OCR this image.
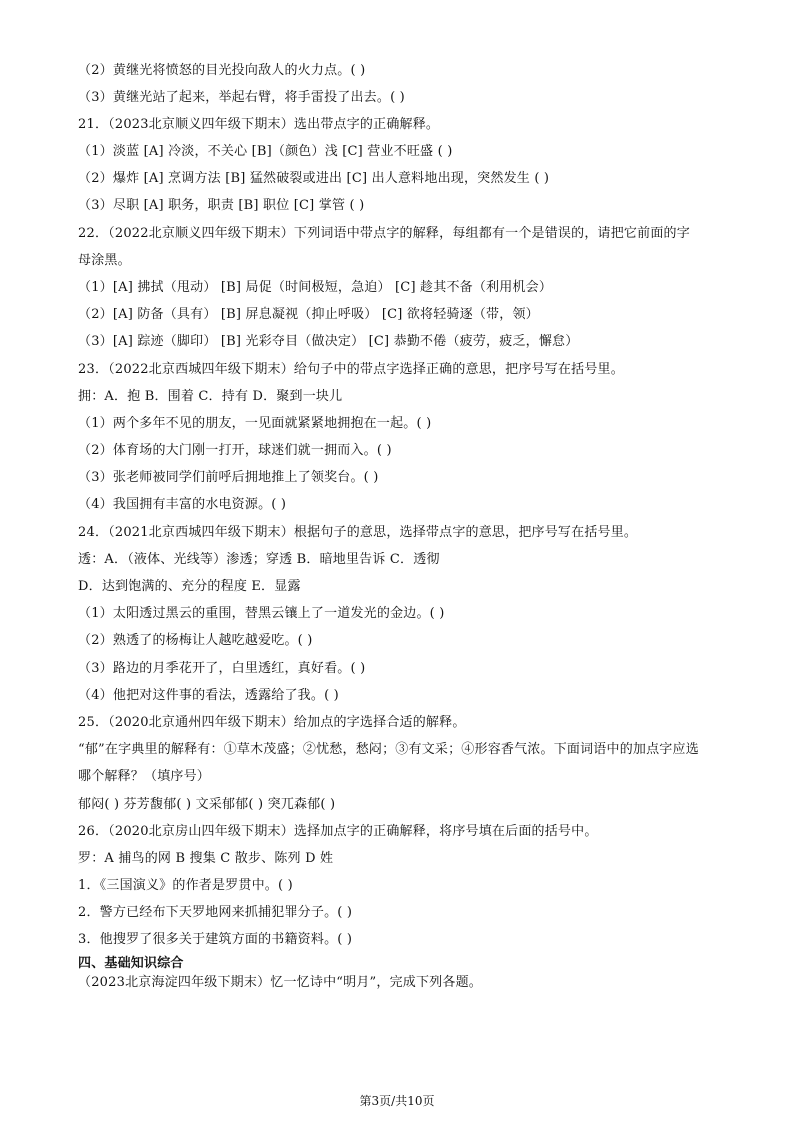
（2）黄继光将愤怒的目光投向敌人的火力点。( )
（3）黄继光站了起来，举起右臂，将手雷投了出去。( )
21．（2023北京顺义四年级下期末）选出带点字的正确解释。
（1）淡蓝 [A] 冷淡，不关心 [B]（颜色）浅 [C] 营业不旺盛 ( )
（2）爆炸 [A] 烹调方法 [B] 猛然破裂或进出 [C] 出人意料地出现，突然发生 ( )
（3）尽职 [A] 职务，职责 [B] 职位 [C] 掌管 ( )
22．（2022北京顺义四年级下期末）下列词语中带点字的解释，每组都有一个是错误的，请把它前面的字
母涂黑。
（1）[A] 拂拭（甩动） [B] 局促（时间极短，急迫） [C] 趁其不备（利用机会）
（2）[A] 防备（具有） [B] 屏息凝视（抑止呼吸） [C] 欲将轻骑逐（带，领）
（3）[A] 踪迹（脚印） [B] 光彩夺目（做决定） [C] 恭勤不倦（疲劳，疲乏，懈怠）
23．（2022北京西城四年级下期末）给句子中的带点字选择正确的意思，把序号写在括号里。
拥：A．抱 B．围着 C．持有 D．聚到一块儿
（1）两个多年不见的朋友，一见面就紧紧地拥抱在一起。( )
（2）体育场的大门刚一打开，球迷们就一拥而入。( )
（3）张老师被同学们前呼后拥地推上了领奖台。( )
（4）我国拥有丰富的水电资源。( )
24．（2021北京西城四年级下期末）根据句子的意思，选择带点字的意思，把序号写在括号里。
透：A．（液体、光线等）渗透；穿透 B．暗地里告诉 C．透彻
D．达到饱满的、充分的程度 E．显露
（1）太阳透过黑云的重围，替黑云镶上了一道发光的金边。( )
（2）熟透了的杨梅让人越吃越爱吃。( )
（3）路边的月季花开了，白里透红，真好看。( )
（4）他把对这件事的看法，透露给了我。( )
25．（2020北京通州四年级下期末）给加点的字选择合适的解释。
“郁”在字典里的解释有：①草木茂盛；②忧愁，愁闷；③有文采；④形容香气浓。下面词语中的加点字应选
哪个解释？（填序号）
郁闷( ) 芬芳馥郁( ) 文采郁郁( ) 突兀森郁( )
26．（2020北京房山四年级下期末）选择加点字的正确解释，将序号填在后面的括号中。
罗：A 捕鸟的网 B 搜集 C 散步、陈列 D 姓
1．《三国演义》的作者是罗贯中。( )
2．警方已经布下天罗地网来抓捕犯罪分子。( )
3．他搜罗了很多关于建筑方面的书籍资料。( )
四、基础知识综合
（2023北京海淀四年级下期末）忆一忆诗中“明月”，完成下列各题。
第3页/共10页
